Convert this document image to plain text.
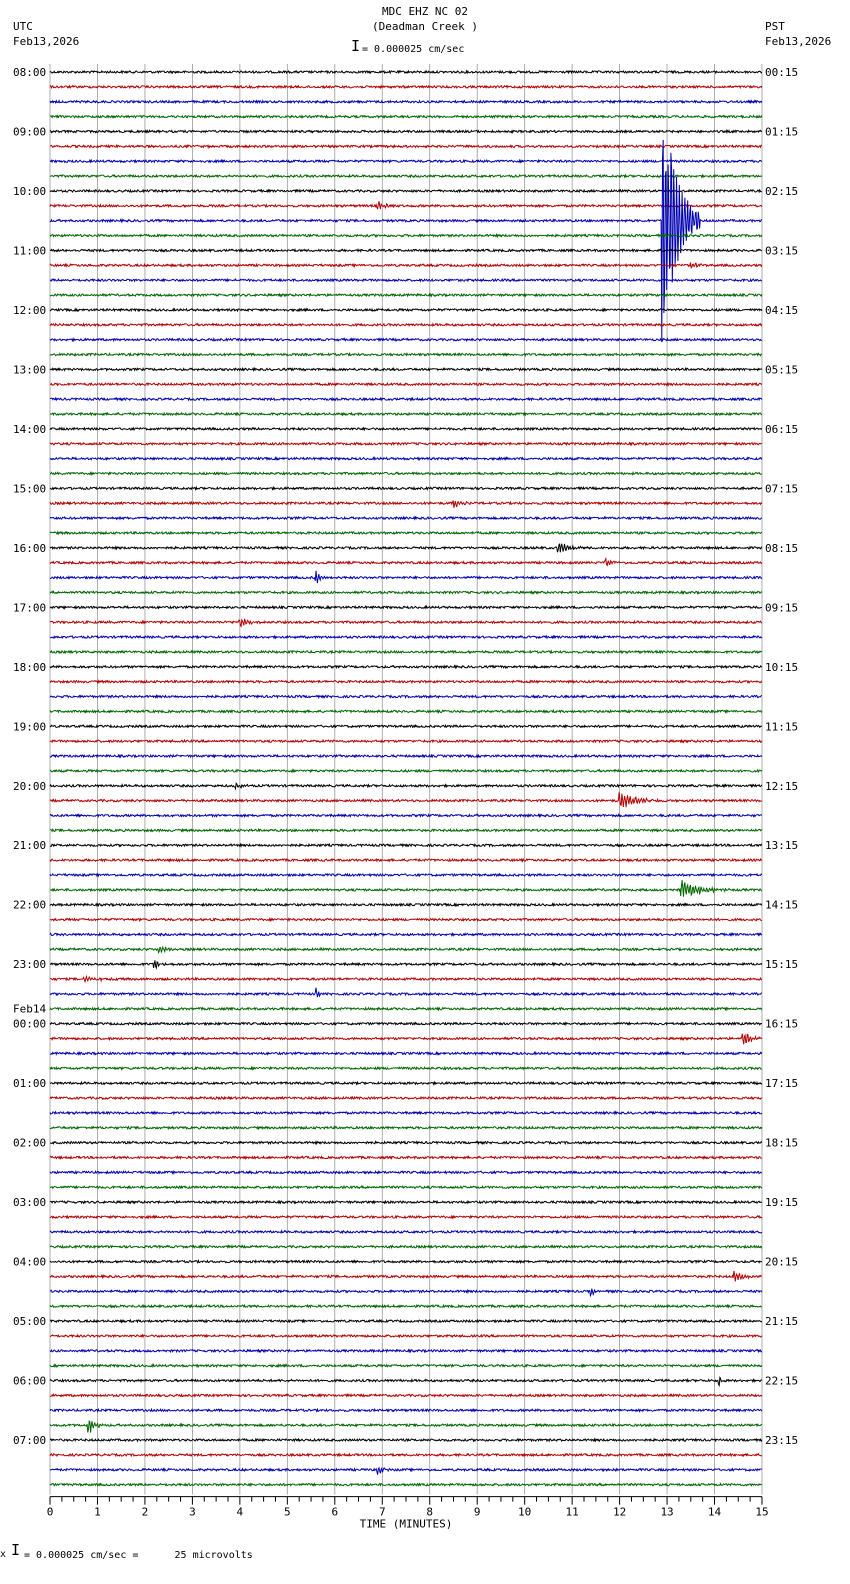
MDC EHZ NC 02
(Deadman Creek )
UTC
Feb13,2026
PST
Feb13,2026
I = 0.000025 cm/sec
08:00	00:15
09:00	01:15
10:00	02:15
11:00	03:15
12:00	04:15
13:00	05:15
14:00	06:15
15:00	07:15
16:00	08:15
17:00	09:15
18:00	10:15
19:00	11:15
20:00	12:15
21:00	13:15
22:00	14:15
23:00	15:15
00:00	16:15
01:00	17:15
02:00	18:15
03:00	19:15
04:00	20:15
05:00	21:15
06:00	22:15
07:00	23:15
Feb14
0	1	2	3	4	5	6	7	8	9	10	11	12	13	14	15
TIME (MINUTES)
x I = 0.000025 cm/sec =      25 microvolts
